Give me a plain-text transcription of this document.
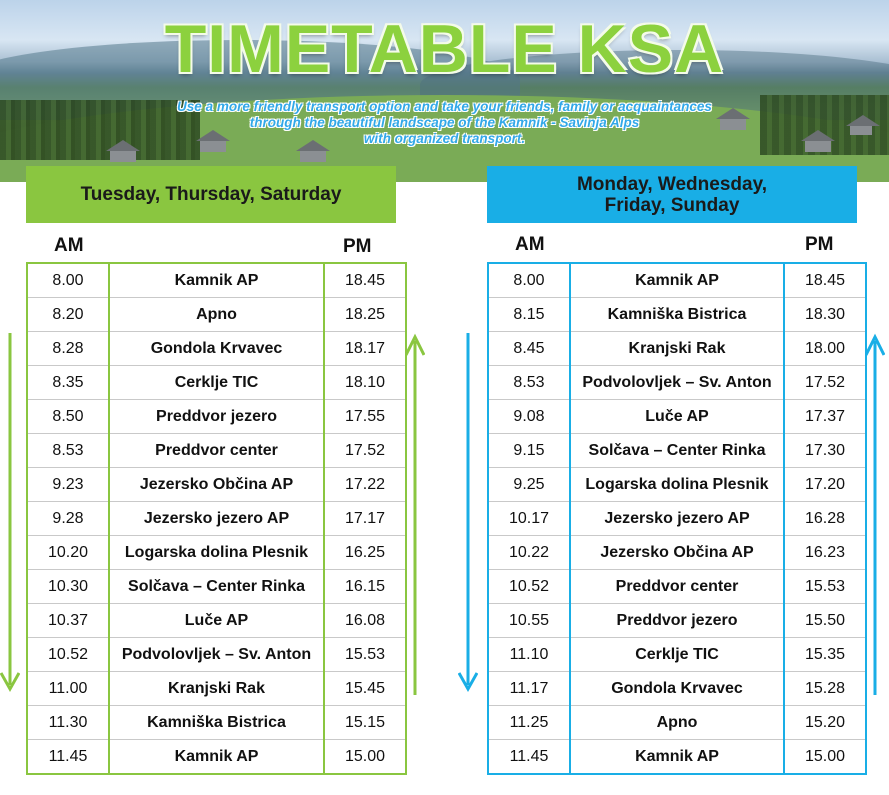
TIMETABLE KSA
Use a more friendly transport option and take your friends, family or acquaintances
through the beautiful landscape of the Kamnik - Savinja Alps
with organized transport.
Tuesday, Thursday, Saturday	Monday, Wednesday,
Friday, Sunday
AM	PM	AM	PM
8.00	Kamnik AP	18.45
8.20	Apno	18.25
8.28	Gondola Krvavec	18.17
8.35	Cerklje TIC	18.10
8.50	Preddvor jezero	17.55
8.53	Preddvor center	17.52
9.23	Jezersko Občina AP	17.22
9.28	Jezersko jezero AP	17.17
10.20	Logarska dolina Plesnik	16.25
10.30	Solčava – Center Rinka	16.15
10.37	Luče AP	16.08
10.52	Podvolovljek – Sv. Anton	15.53
11.00	Kranjski Rak	15.45
11.30	Kamniška Bistrica	15.15
11.45	Kamnik AP	15.00
8.00	Kamnik AP	18.45
8.15	Kamniška Bistrica	18.30
8.45	Kranjski Rak	18.00
8.53	Podvolovljek – Sv. Anton	17.52
9.08	Luče AP	17.37
9.15	Solčava – Center Rinka	17.30
9.25	Logarska dolina Plesnik	17.20
10.17	Jezersko jezero AP	16.28
10.22	Jezersko Občina AP	16.23
10.52	Preddvor center	15.53
10.55	Preddvor jezero	15.50
11.10	Cerklje TIC	15.35
11.17	Gondola Krvavec	15.28
11.25	Apno	15.20
11.45	Kamnik AP	15.00
